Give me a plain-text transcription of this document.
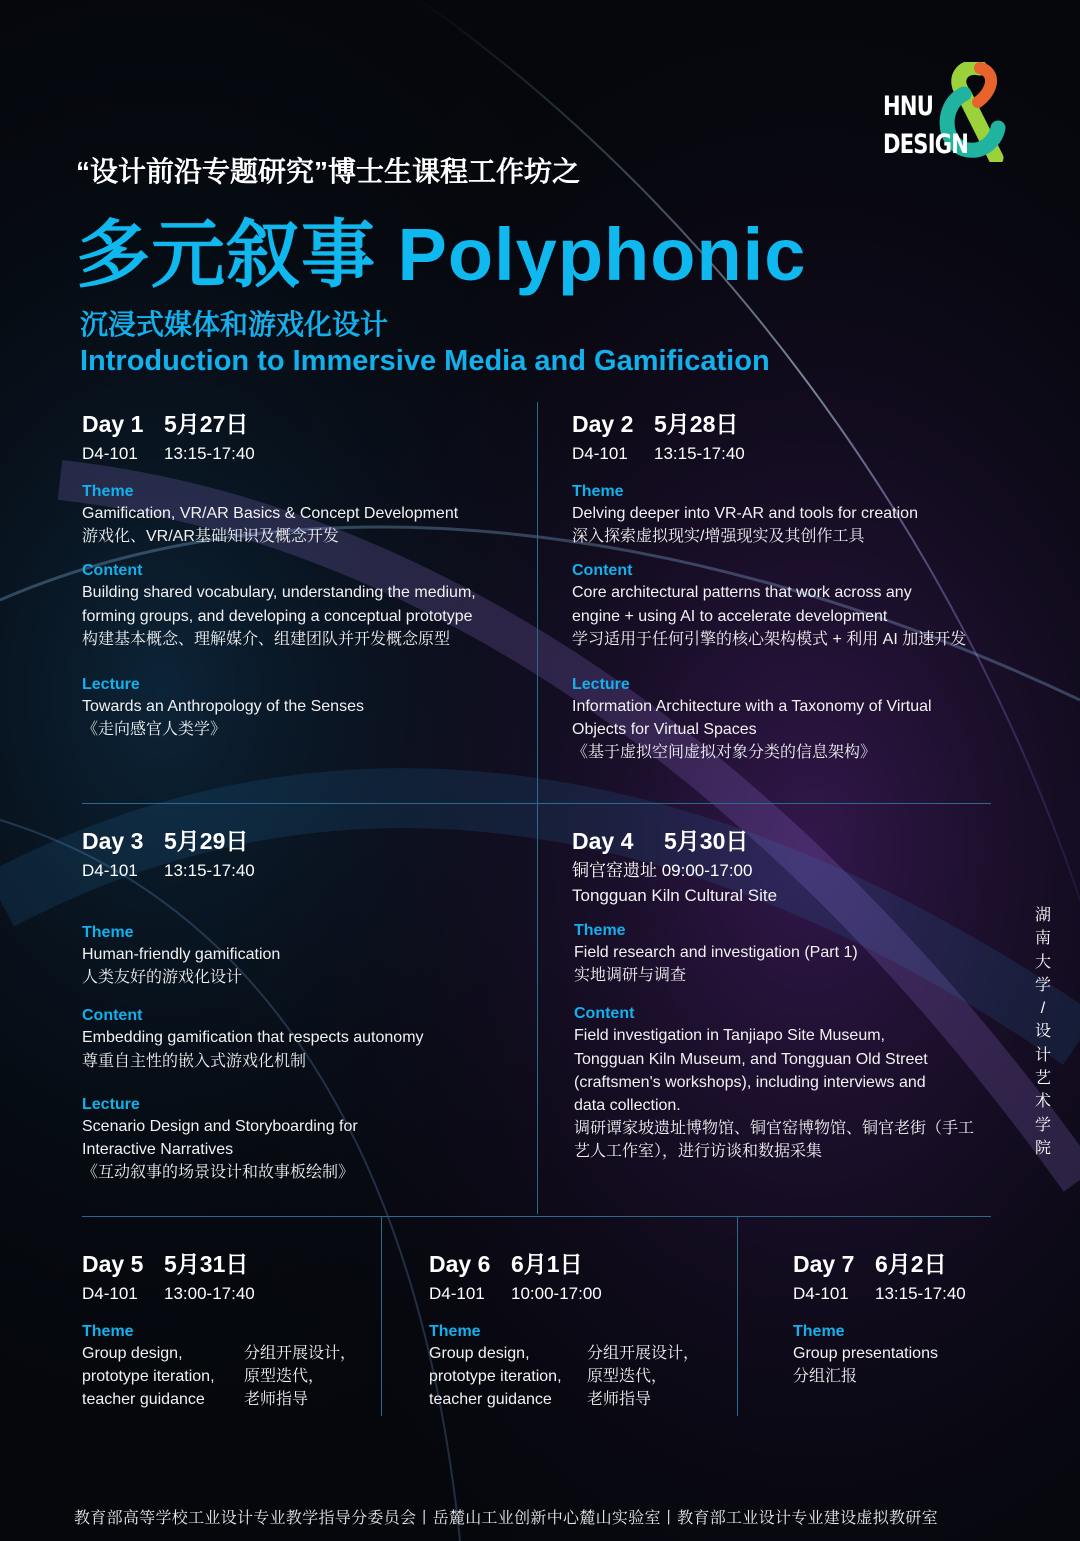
HNU
DESIGN
“设计前沿专题研究”博士生课程工作坊之
多元叙事 Polyphonic
沉浸式媒体和游戏化设计
Introduction to Immersive Media and Gamification
Day 1 5月27日
D4-101 13:15-17:40
Theme
Gamification, VR/AR Basics & Concept Development
游戏化、VR/AR基础知识及概念开发
Content
Building shared vocabulary, understanding the medium,
forming groups, and developing a conceptual prototype
构建基本概念、理解媒介、组建团队并开发概念原型
Lecture
Towards an Anthropology of the Senses
《走向感官人类学》
Day 2 5月28日
D4-101 13:15-17:40
Theme
Delving deeper into VR-AR and tools for creation
深入探索虚拟现实/增强现实及其创作工具
Content
Core architectural patterns that work across any
engine + using AI to accelerate development
学习适用于任何引擎的核心架构模式 + 利用 AI 加速开发
Lecture
Information Architecture with a Taxonomy of Virtual
Objects for Virtual Spaces
《基于虚拟空间虚拟对象分类的信息架构》
Day 3 5月29日
D4-101 13:15-17:40
Theme
Human-friendly gamification
人类友好的游戏化设计
Content
Embedding gamification that respects autonomy
尊重自主性的嵌入式游戏化机制
Lecture
Scenario Design and Storyboarding for
Interactive Narratives
《互动叙事的场景设计和故事板绘制》
Day 4 5月30日
铜官窑遗址 09:00-17:00
Tongguan Kiln Cultural Site
Theme
Field research and investigation (Part 1)
实地调研与调查
Content
Field investigation in Tanjiapo Site Museum,
Tongguan Kiln Museum, and Tongguan Old Street
(craftsmen's workshops), including interviews and
data collection.
调研谭家坡遗址博物馆、铜官窑博物馆、铜官老街（手工
艺人工作室），进行访谈和数据采集
Day 5 5月31日
D4-101 13:00-17:40
Theme
Group design,
prototype iteration,
teacher guidance
分组开展设计，
原型迭代，
老师指导
Day 6 6月1日
D4-101 10:00-17:00
Theme
Group design,
prototype iteration,
teacher guidance
分组开展设计，
原型迭代，
老师指导
Day 7 6月2日
D4-101 13:15-17:40
Theme
Group presentations
分组汇报
湖
南
大
学
/
设
计
艺
术
学
院
教育部高等学校工业设计专业教学指导分委员会丨岳麓山工业创新中心麓山实验室丨教育部工业设计专业建设虚拟教研室
